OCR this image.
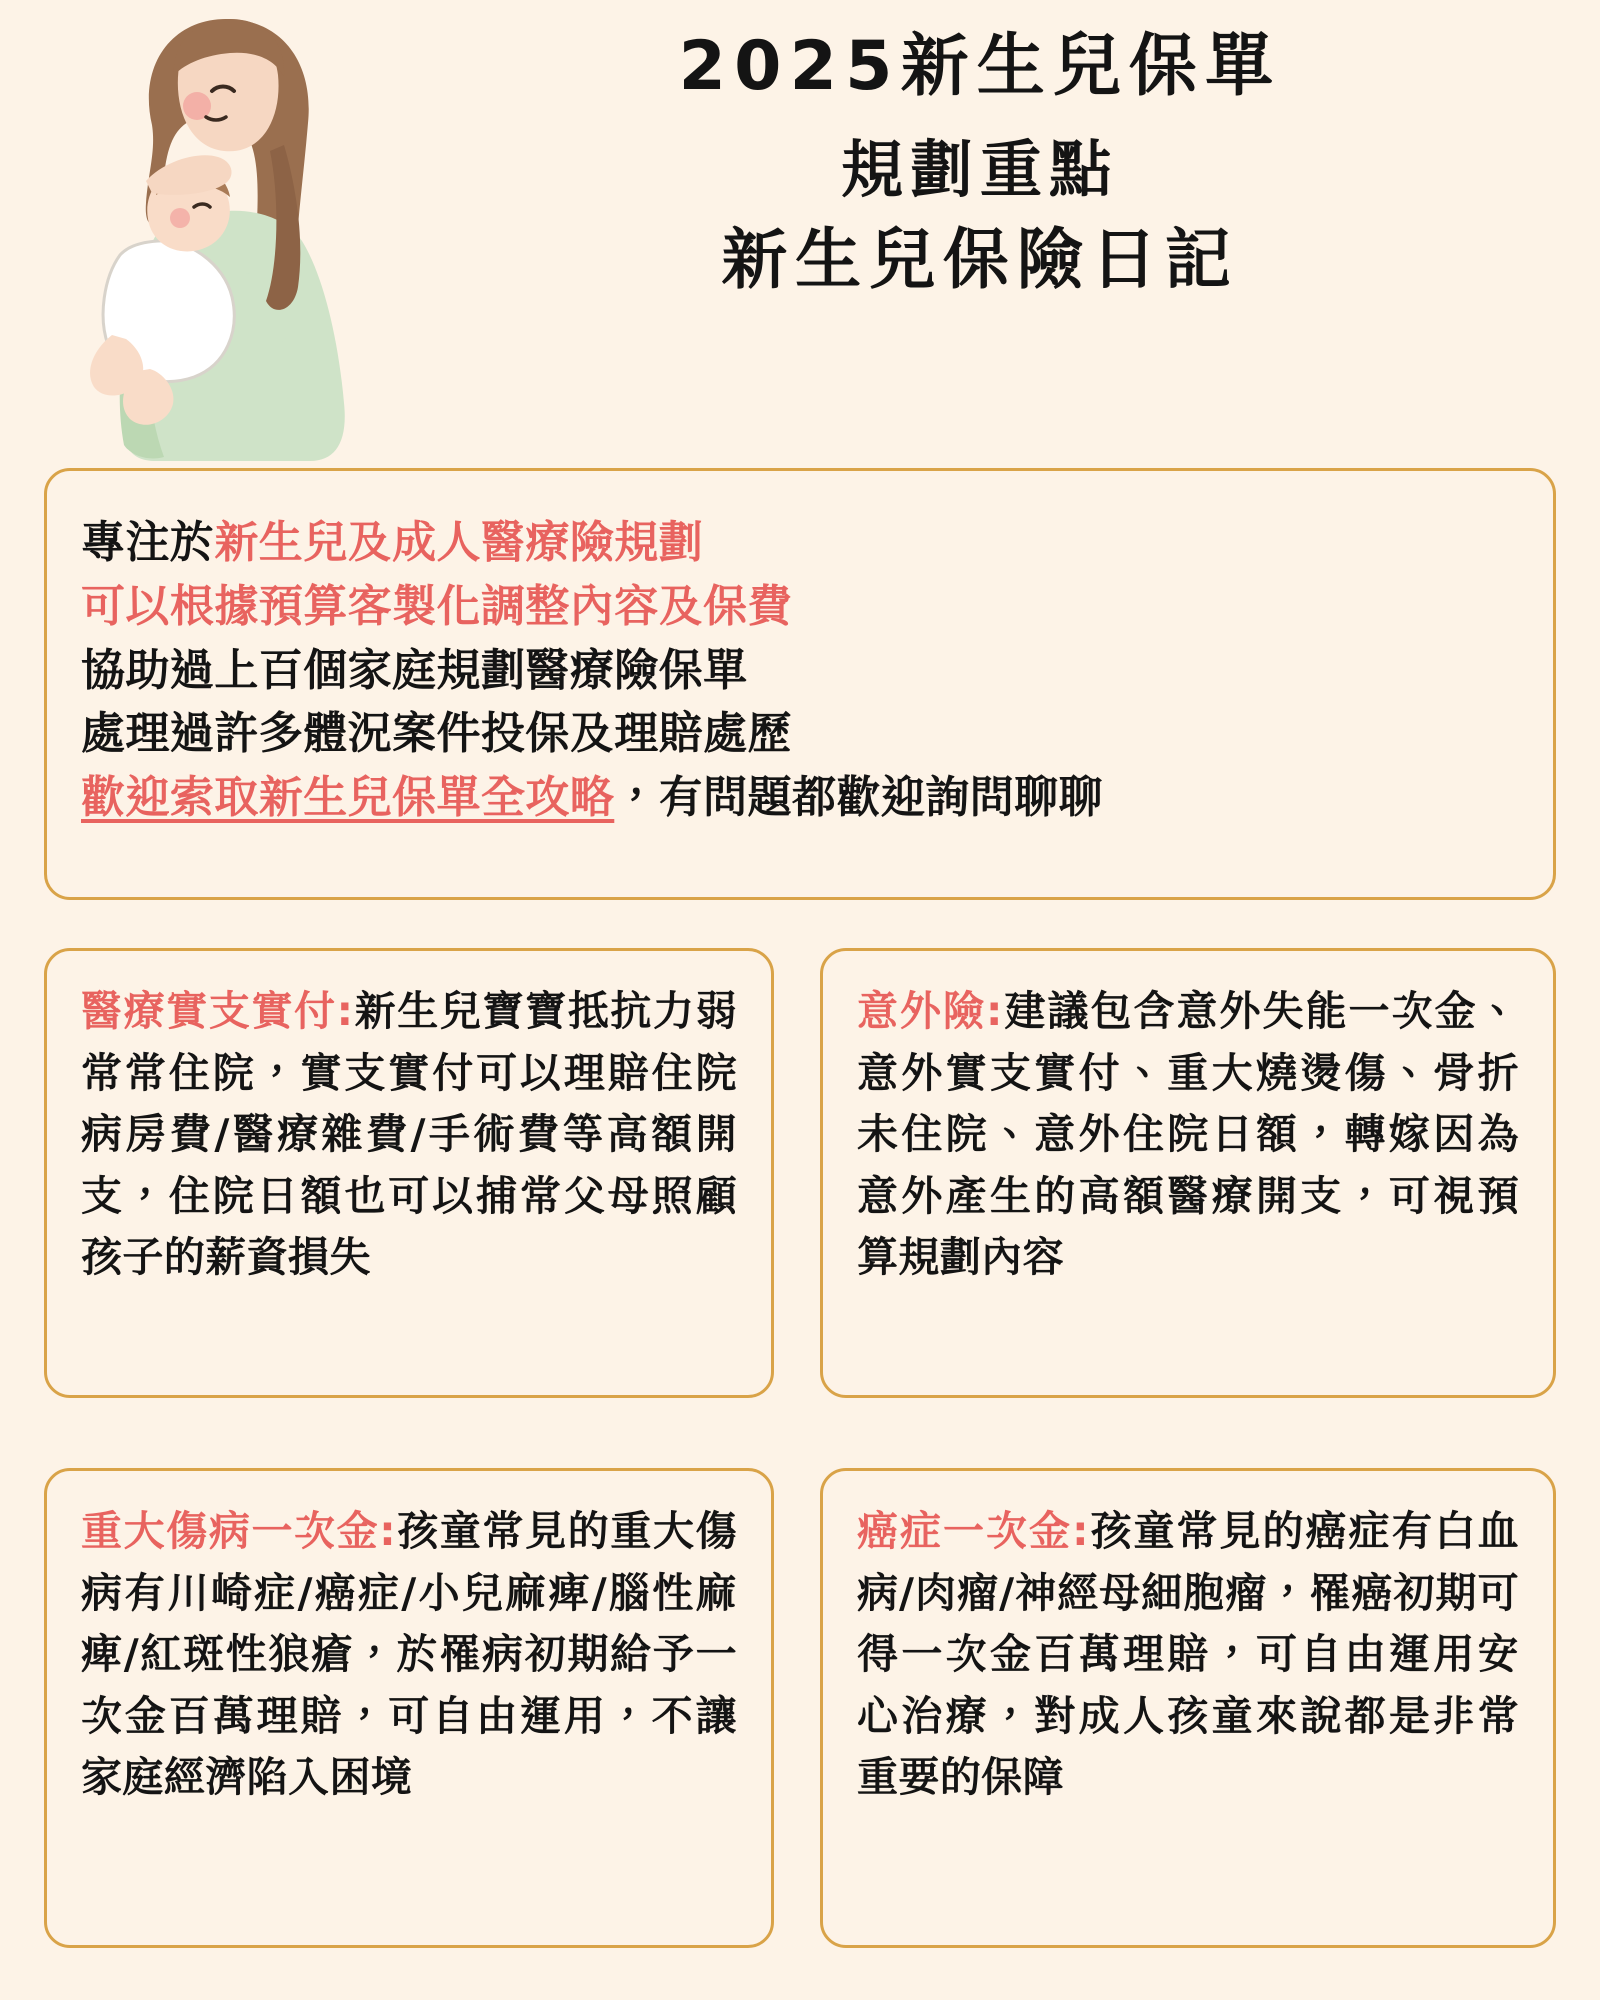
2025新生兒保單
規劃重點
新生兒保險日記
專注於新生兒及成人醫療險規劃
可以根據預算客製化調整內容及保費
協助過上百個家庭規劃醫療險保單
處理過許多體況案件投保及理賠處歷
歡迎索取新生兒保單全攻略，有問題都歡迎詢問聊聊
醫療實支實付:新生兒寶寶抵抗力弱常常住院，實支實付可以理賠住院病房費/醫療雜費/手術費等高額開支，住院日額也可以捕常父母照顧孩子的薪資損失
意外險:建議包含意外失能一次金、意外實支實付、重大燒燙傷、骨折未住院、意外住院日額，轉嫁因為意外產生的高額醫療開支，可視預算規劃內容
重大傷病一次金:孩童常見的重大傷病有川崎症/癌症/小兒麻痺/腦性麻痺/紅斑性狼瘡，於罹病初期給予一次金百萬理賠，可自由運用，不讓家庭經濟陷入困境
癌症一次金:孩童常見的癌症有白血病/肉瘤/神經母細胞瘤，罹癌初期可得一次金百萬理賠，可自由運用安心治療，對成人孩童來說都是非常重要的保障
